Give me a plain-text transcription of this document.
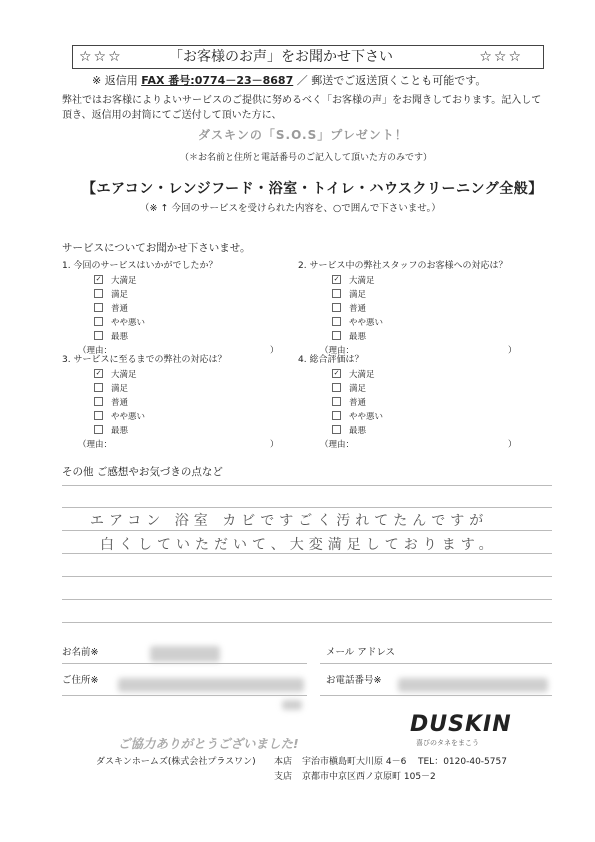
☆☆☆	「お客様のお声」をお聞かせ下さい	☆☆☆
※ 返信用 FAX 番号:0774－23－8687 ／ 郵送でご返送頂くことも可能です。
弊社ではお客様によりよいサービスのご提供に努めるべく「お客様の声」をお聞きしております。記入して
頂き、返信用の封筒にてご送付して頂いた方に、
ダスキンの「S.O.S」プレゼント！
（＊お名前と住所と電話番号のご記入して頂いた方のみです）
【エアコン・レンジフード・浴室・トイレ・ハウスクリーニング全般】
（※ ↑ 今回のサービスを受けられた内容を、○で囲んで下さいませ。）
サービスについてお聞かせ下さいませ。
1. 今回のサービスはいかがでしたか？
✓ 大満足
満足
普通
やや悪い
最悪
（理由：	）
2. サービス中の弊社スタッフのお客様への対応は？
✓ 大満足
満足
普通
やや悪い
最悪
（理由：	）
3. サービスに至るまでの弊社の対応は？
✓ 大満足
満足
普通
やや悪い
最悪
（理由：	）
4. 総合評価は？
✓ 大満足
満足
普通
やや悪い
最悪
（理由：	）
その他 ご感想やお気づきの点など
エアコン 浴室 カビですごく汚れてたんですが
白くしていただいて、大変満足しております。
お名前※	メール アドレス
ご住所※	お電話番号※
DUSKIN
喜びのタネをまこう
ご協力ありがとうございました!
ダスキンホームズ(株式会社プラスワン) 本店 宇治市槇島町大川原 4－6 TEL：0120-40-5757
支店 京都市中京区西ノ京原町 105－2
